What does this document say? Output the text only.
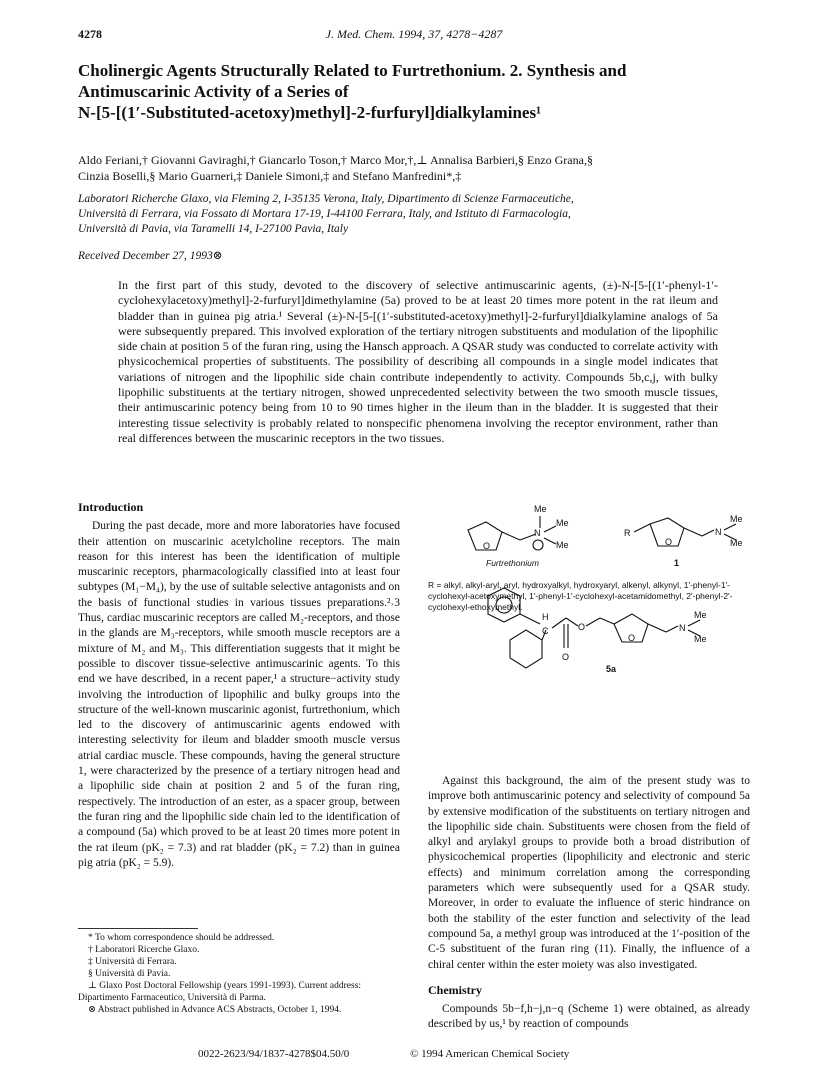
4278	J. Med. Chem. 1994, 37, 4278−4287
Cholinergic Agents Structurally Related to Furtrethonium. 2. Synthesis and
Antimuscarinic Activity of a Series of
N-[5-[(1′-Substituted-acetoxy)methyl]-2-furfuryl]dialkylamines¹
Aldo Feriani,† Giovanni Gaviraghi,† Giancarlo Toson,† Marco Mor,†,⊥ Annalisa Barbieri,§ Enzo Grana,§
Cinzia Boselli,§ Mario Guarneri,‡ Daniele Simoni,‡ and Stefano Manfredini*,‡
Laboratori Richerche Glaxo, via Fleming 2, I-35135 Verona, Italy, Dipartimento di Scienze Farmaceutiche,
Università di Ferrara, via Fossato di Mortara 17-19, I-44100 Ferrara, Italy, and Istituto di Farmacologia,
Università di Pavia, via Taramelli 14, I-27100 Pavia, Italy
Received December 27, 1993⊗
In the first part of this study, devoted to the discovery of selective antimuscarinic agents, (±)-N-[5-[(1′-phenyl-1′-cyclohexylacetoxy)methyl]-2-furfuryl]dimethylamine (5a) proved to be at least 20 times more potent in the rat ileum and bladder than in guinea pig atria.¹ Several (±)-N-[5-[(1′-substituted-acetoxy)methyl]-2-furfuryl]dialkylamine analogs of 5a were subsequently prepared. This involved exploration of the tertiary nitrogen substituents and modulation of the lipophilic side chain at position 5 of the furan ring, using the Hansch approach. A QSAR study was conducted to correlate activity with physicochemical properties of substituents. The possibility of describing all compounds in a single model indicates that variations of nitrogen and the lipophilic side chain contribute independently to activity. Compounds 5b,c,j, with bulky lipophilic substituents at the tertiary nitrogen, showed unprecedented selectivity between the two smooth muscle tissues, their antimuscarinic potency being from 10 to 90 times higher in the ileum than in the bladder. It is suggested that their interesting tissue selectivity is probably related to nonspecific phenomena involving the receptor environment, rather than real differences between the muscarinic receptors in the two tissues.
Introduction

During the past decade, more and more laboratories have focused their attention on muscarinic acetylcholine receptors. The main reason for this interest has been the identification of multiple muscarinic receptors, pharmacologically classified into at least four subtypes (M₁−M₄), by the use of suitable selective antagonists and on the basis of functional studies in various tissues preparations.²˒3 Thus, cardiac muscarinic receptors are called M₂-receptors, and those in the glands are M₃-receptors, while smooth muscle receptors are a mixture of M₂ and M₃. This differentiation suggests that it might be possible to discover tissue-selective antimuscarinic agents. To this end we have described, in a recent paper,¹ a structure−activity study involving the introduction of lipophilic and bulky groups into the structure of the well-known muscarinic agonist, furtrethonium, which led to the discovery of antimuscarinic agents endowed with interesting selectivity for ileum and bladder smooth muscle versus atrial cardiac muscle. These compounds, having the general structure 1, were characterized by the presence of a tertiary nitrogen head and a lipophilic side chain at position 2 and 5 of the furan ring, respectively. The introduction of an ester, as a spacer group, between the furan ring and the lipophilic side chain led to the identification of a compound (5a) which proved to be at least 20 times more potent in the rat ileum (pK₂ = 7.3) and rat bladder (pK₂ = 7.2) than in guinea pig atria (pK₂ = 5.9).

O
Me
N
Me
Me
R
O
N
Me
Me
H
C	O
O
O
N
Me
Me
Furtrethonium	1
5a
R = alkyl, alkyl-aryl, aryl, hydroxyalkyl, hydroxyaryl, alkenyl, alkynyl, 1′-phenyl-1′-cyclohexyl-acetoxymethyl, 1′-phenyl-1′-cyclohexyl-acetamidomethyl, 2′-phenyl-2′-cyclohexyl-ethoxymethyl.

Against this background, the aim of the present study was to improve both antimuscarinic potency and selectivity of compound 5a by extensive modification of the substituents on tertiary nitrogen and the lipophilic side chain. Substituents were chosen from the field of alkyl and arylakyl groups to provide both a broad distribution of physicochemical properties (lipophilicity and electronic and steric effects) and minimum correlation among the corresponding parameters which were subsequently used for a QSAR study. Moreover, in order to evaluate the influence of steric hindrance on both the stability of the ester function and selectivity of the lead compound 5a, a methyl group was introduced at the 1′-position of the C-5 substituent of the furan ring (11). Finally, the influence of a chiral center within the ester moiety was also investigated.

Chemistry

Compounds 5b−f,h−j,n−q (Scheme 1) were obtained, as already described by us,¹ by reaction of compounds

* To whom correspondence should be addressed.
† Laboratori Ricerche Glaxo.
‡ Università di Ferrara.
§ Università di Pavia.
⊥ Glaxo Post Doctoral Fellowship (years 1991-1993). Current address: Dipartimento Farmaceutico, Università di Parma.
⊗ Abstract published in Advance ACS Abstracts, October 1, 1994.
0022-2623/94/1837-4278$04.50/0	© 1994 American Chemical Society
